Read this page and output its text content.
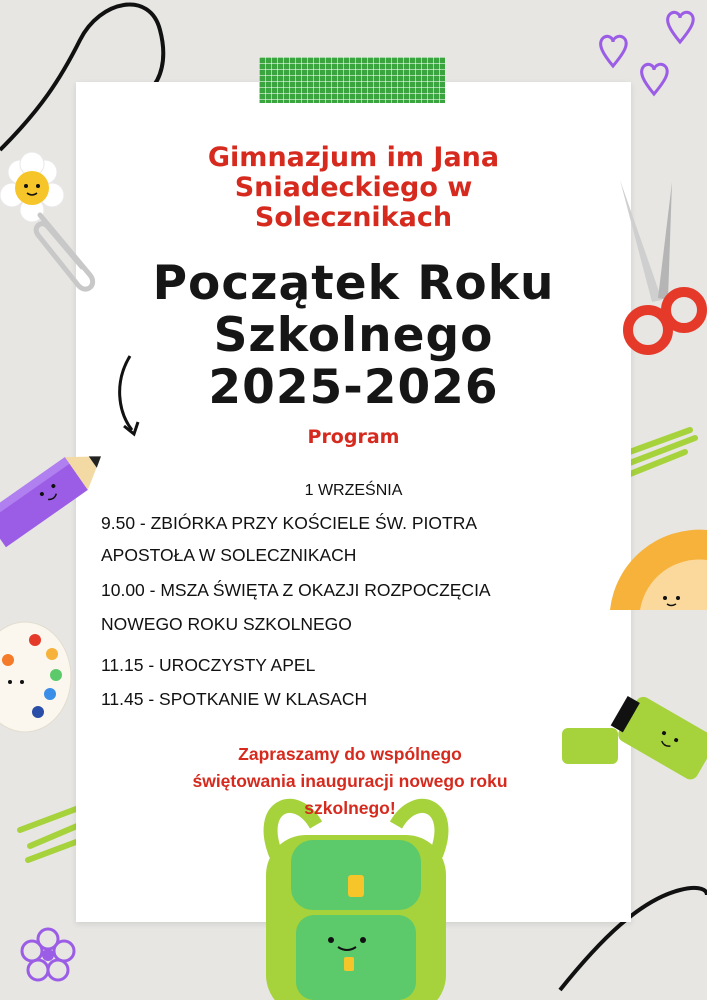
Gimnazjum im Jana
Sniadeckiego w
Solecznikach
Początek Roku
Szkolnego
2025-2026

Program

1 WRZEŚNIA

9.50 - ZBIÓRKA PRZY KOŚCIELE ŚW. PIOTRA

APOSTOŁA W SOLECZNIKACH

10.00 - MSZA ŚWIĘTA Z OKAZJI ROZPOCZĘCIA

NOWEGO ROKU SZKOLNEGO

11.15 - UROCZYSTY APEL

11.45 - SPOTKANIE W KLASACH

Zapraszamy do wspólnego
świętowania inauguracji nowego roku
szkolnego!
